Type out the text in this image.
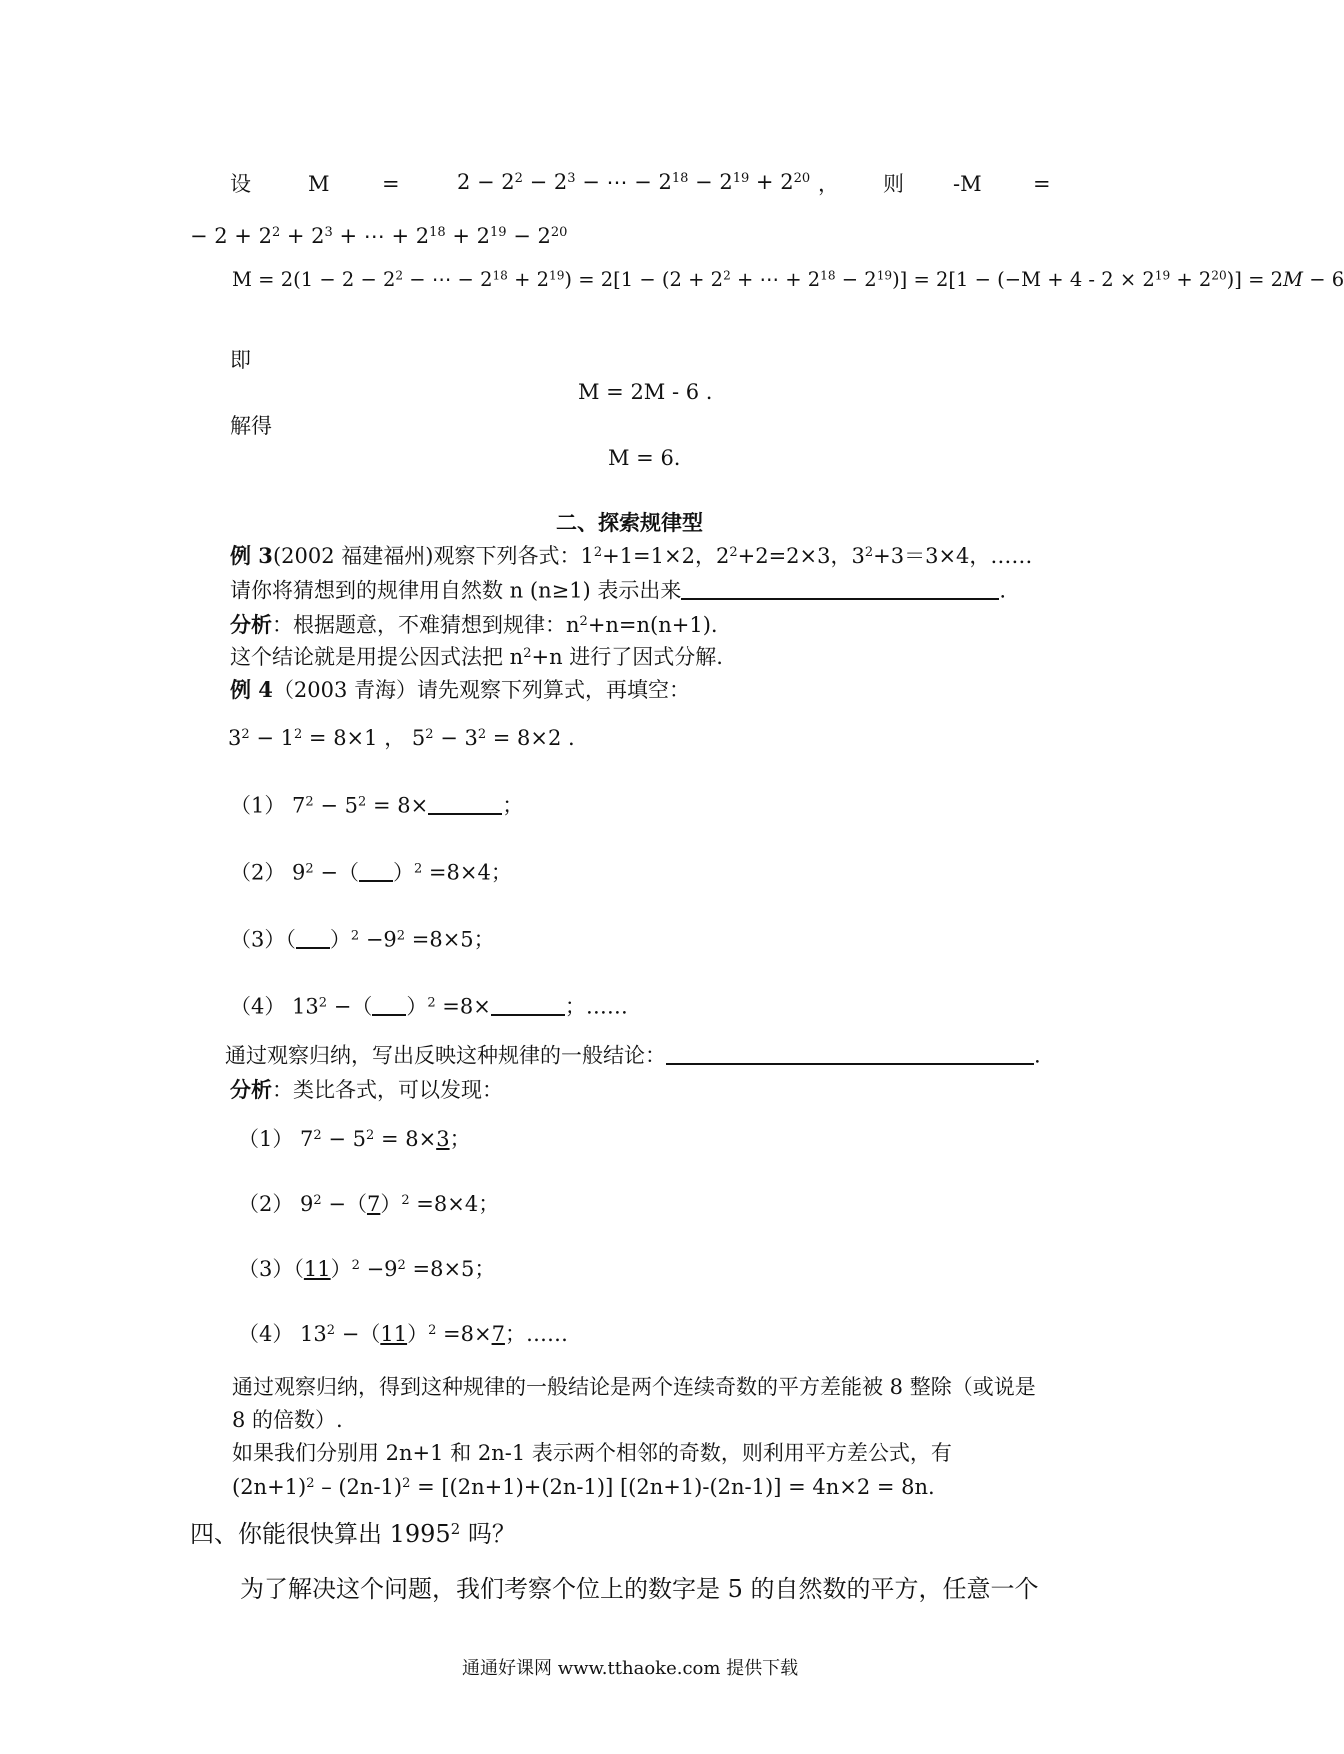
设	M =	$2 - 2^2 - 2^3$ − ⋯ − $2^{18} - 2^{19} + 2^{20}$ ， 则 -M =
− $2 + 2^2 + 2^3$ + ⋯ + $2^{18} + 2^{19} - 2^{20}$
$M = 2(1 - 2 - 2^2$ − ⋯ − $2^{18} + 2^{19}) = 2[1 - (2 + 2^2$ + ⋯ + $2^{18} - 2^{19})] = 2[1 - (-M + 4 - 2 \times 2^{19} + 2^{20})] = 2M - 6$
即
M = 2M - 6 .
解得
M = 6.
二、探索规律型
例 3(2002 福建福州)观察下列各式：$1^2+1=1\times 2$，$2^2+2=2\times 3$，$3^2+3=3\times 4$，……
请你将猜想到的规律用自然数 n (n≥1) 表示出来	.
分析：根据题意，不难猜想到规律：$n^2+n=n(n+1)$.
这个结论就是用提公因式法把 $n^2+n$ 进行了因式分解.
例 4（2003 青海）请先观察下列算式，再填空：
$3^2 - 1^2 = 8\times 1$ ， $5^2 - 3^2 = 8\times 2$ .
（1） $7^2 - 5^2 = 8\times$	；
（2） $9^2$ −（ ）$^2$ =8×4；
（3）（ ）$^2 -9^2 =8\times 5$；
（4） $13^2$ −（ ）$^2$ =8×	；……
通过观察归纳，写出反映这种规律的一般结论：	.
分析：类比各式，可以发现：
（1） $7^2 - 5^2 = 8\times 3$；
（2） $9^2 -(7)^2 =8\times 4$；
$(3)(11)^2 -9^2 =8\times 5$；
（4） $13^2 -(11)^2 =8\times 7$；……
通过观察归纳，得到这种规律的一般结论是两个连续奇数的平方差能被 8 整除（或说是
8 的倍数）.
如果我们分别用 2n+1 和 2n-1 表示两个相邻的奇数，则利用平方差公式，有
$(2n+1)^2 - (2n-1)^2 = [(2n+1)+(2n-1)] [(2n+1)-(2n-1)] = 4n\times 2 = 8n$.
四、你能很快算出 1995$^2$ 吗？
为了解决这个问题，我们考察个位上的数字是 5 的自然数的平方，任意一个
通通好课网 www.tthaoke.com 提供下载
